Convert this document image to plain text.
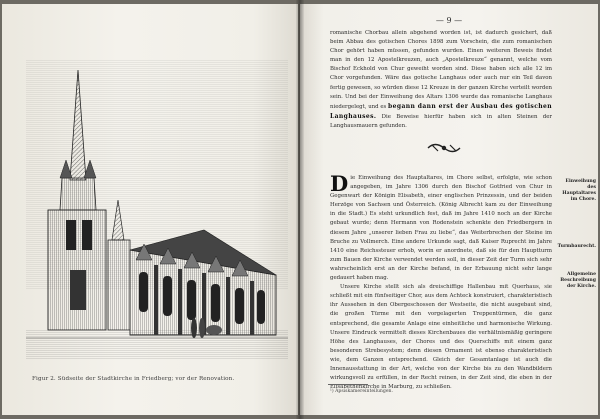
Figur 2. Südseite der Stadtkirche in Friedberg; vor der Renovation.
— 9 —

romanische Chorbau allein abgehend worden ist, ist dadurch gesichert, daß beim Abbau des gotischen Chores 1898 zum Vorschein, die zum romanischen Chor gehört haben müssen, gefunden wurden. Einen weiteren Beweis findet man in den 12 Apostelkreuzen, auch „Apostelkreuze“ genannt, welche vom Bischof Eckhold von Chur geweiht worden sind. Diese haben sich alle 12 im Chor vorgefunden. Wäre das gotische Langhaus oder auch nur ein Teil davon fertig gewesen, so würden diese 12 Kreuze in der ganzen Kirche verteilt worden sein. Und bei der Einweihung des Altars 1306 wurde das romanische Langhaus niedergelegt, und es begann dann erst der Ausbau des gotischen Langhauses. Die Beweise hierfür haben sich in alten Steinen der Langhausmauern gefunden.

D ie Einweihung des Hauptaltares, im Chore selbst, erfolgte, wie schon angegeben, im Jahre 1306 durch den Bischof Gotfried von Chur in Gegenwart der Königin Elisabeth, einer englischen Prinzessin, und der beiden Herzöge von Sachsen und Österreich. (König Albrecht kam zu der Einweihung in die Stadt.) Es steht urkundlich fest, daß im Jahre 1410 noch an der Kirche gebaut wurde; denn Hermann von Rodenstein schenkte den Friedbergern in diesem Jahre „unserer lieben Frau zu liebe“, das Weiterbrechen der Steine im Bruche zu Vollmerch. Eine andere Urkunde sagt, daß Kaiser Ruprecht im Jahre 1410 eine Reichssteuer erhob, worin er anordnete, daß sie für den Hauptturm zum Bauen der Kirche verwendet werden soll, in dieser Zeit der Turm sich sehr wahrscheinlich erst an der Kirche befand, in der Erbauung nicht sehr lange gedauert haben mag.

Unsere Kirche stellt sich als dreischiffige Hallenbau mit Querhaus, sie schließt mit ein fünfseitiger Chor, aus dem Achteck konstruiert, charakteristisch ihr Aussehen in den Obergeschossen der Westseite, die nicht ausgebaut sind, die großen Türme mit den vorgelagerten Treppentürmen, die ganz entsprechend, die gesamte Anlage eine einheitliche und harmonische Wirkung. Unsere Eindruck vermittelt dieses Kirchenbaues die verhältnismäßig geringere Höhe des Langhauses, der Chores und des Querschiffs mit einem ganz besonderen Strebesystem; denn diesen Ornament ist ebenso charakteristisch wie, dem Ganzen entsprechend. Gleich der Gesamtanlage ist auch die Innenausstattung in der Art, welche von der Kirche bis zu den Wandbildern wirkungsvoll zu erfüllen, in der Recht reinen, in der Zeit sind, die eben in der Elisabethenkirche in Marburg, zu schließen.

Einweihung des Hauptaltares im Chore.
Turmbaurecht.
Allgemeine Beschreibung der Kirche.
¹) Apsiskamereinteilungen.
